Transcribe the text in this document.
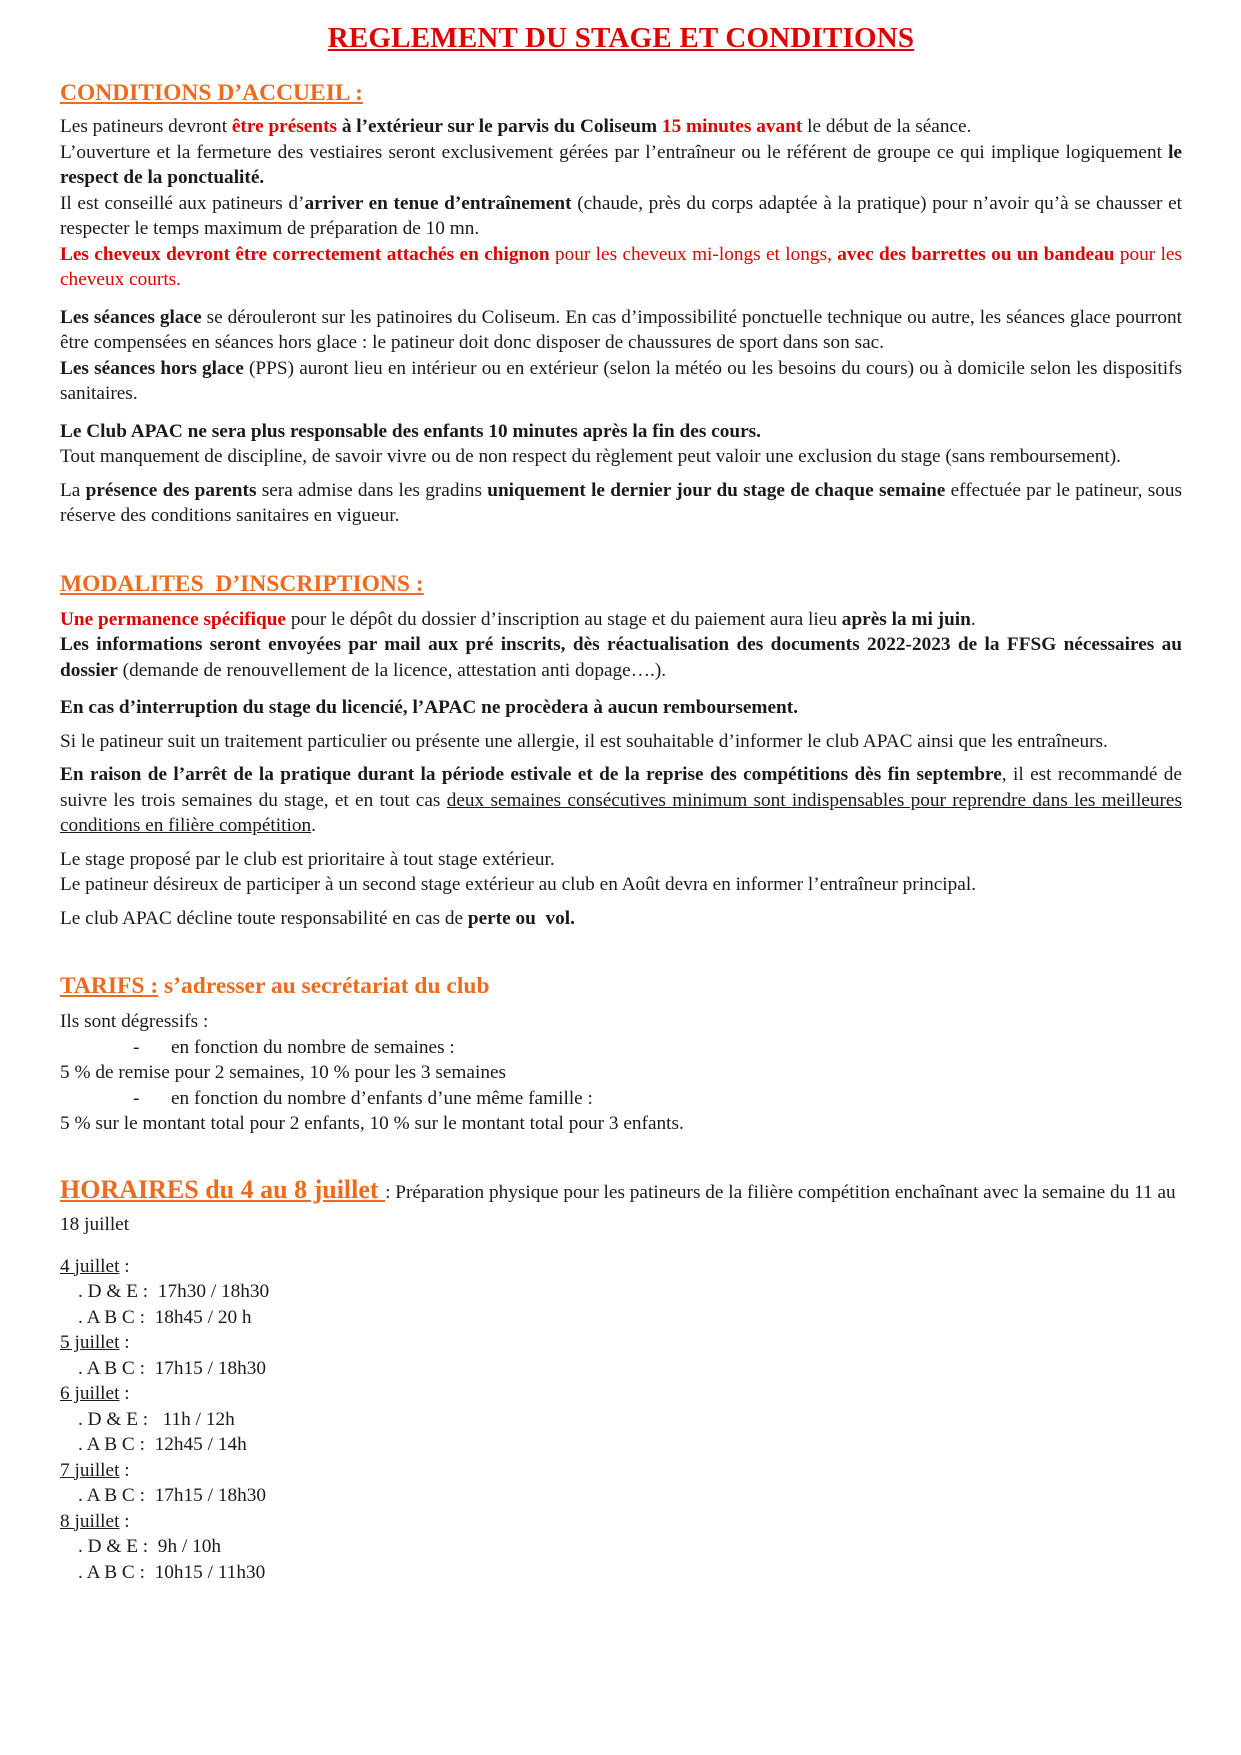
REGLEMENT DU STAGE ET CONDITIONS
CONDITIONS D’ACCUEIL :

Les patineurs devront être présents à l’extérieur sur le parvis du Coliseum 15 minutes avant le début de la séance.

L’ouverture et la fermeture des vestiaires seront exclusivement gérées par l’entraîneur ou le référent de groupe ce qui implique logiquement le respect de la ponctualité.

Il est conseillé aux patineurs d’arriver en tenue d’entraînement (chaude, près du corps adaptée à la pratique) pour n’avoir qu’à se chausser et respecter le temps maximum de préparation de 10 mn.

Les cheveux devront être correctement attachés en chignon pour les cheveux mi-longs et longs, avec des barrettes ou un bandeau pour les cheveux courts.

Les séances glace se dérouleront sur les patinoires du Coliseum. En cas d’impossibilité ponctuelle technique ou autre, les séances glace pourront être compensées en séances hors glace : le patineur doit donc disposer de chaussures de sport dans son sac.

Les séances hors glace (PPS) auront lieu en intérieur ou en extérieur (selon la météo ou les besoins du cours) ou à domicile selon les dispositifs sanitaires.

Le Club APAC ne sera plus responsable des enfants 10 minutes après la fin des cours.

Tout manquement de discipline, de savoir vivre ou de non respect du règlement peut valoir une exclusion du stage (sans remboursement).

La présence des parents sera admise dans les gradins uniquement le dernier jour du stage de chaque semaine effectuée par le patineur, sous réserve des conditions sanitaires en vigueur.

MODALITES  D’INSCRIPTIONS :

Une permanence spécifique pour le dépôt du dossier d’inscription au stage et du paiement aura lieu après la mi juin.

Les informations seront envoyées par mail aux pré inscrits, dès réactualisation des documents 2022-2023 de la FFSG nécessaires au dossier (demande de renouvellement de la licence, attestation anti dopage….).

En cas d’interruption du stage du licencié, l’APAC ne procèdera à aucun remboursement.

Si le patineur suit un traitement particulier ou présente une allergie, il est souhaitable d’informer le club APAC ainsi que les entraîneurs.

En raison de l’arrêt de la pratique durant la période estivale et de la reprise des compétitions dès fin septembre, il est recommandé de suivre les trois semaines du stage, et en tout cas deux semaines consécutives minimum sont indispensables pour reprendre dans les meilleures conditions en filière compétition.

Le stage proposé par le club est prioritaire à tout stage extérieur.

Le patineur désireux de participer à un second stage extérieur au club en Août devra en informer l’entraîneur principal.

Le club APAC décline toute responsabilité en cas de perte ou  vol.

TARIFS : s’adresser au secrétariat du club

Ils sont dégressifs :

- en fonction du nombre de semaines :

5 % de remise pour 2 semaines, 10 % pour les 3 semaines

- en fonction du nombre d’enfants d’une même famille :

5 % sur le montant total pour 2 enfants, 10 % sur le montant total pour 3 enfants.

HORAIRES du 4 au 8 juillet : Préparation physique pour les patineurs de la filière compétition enchaînant avec la semaine du 11 au 18 juillet

4 juillet :

. D & E :  17h30 / 18h30

. A B C :  18h45 / 20 h

5 juillet :

. A B C :  17h15 / 18h30

6 juillet :

. D & E :   11h / 12h

. A B C :  12h45 / 14h

7 juillet :

. A B C :  17h15 / 18h30

8 juillet :

. D & E :  9h / 10h

. A B C :  10h15 / 11h30
